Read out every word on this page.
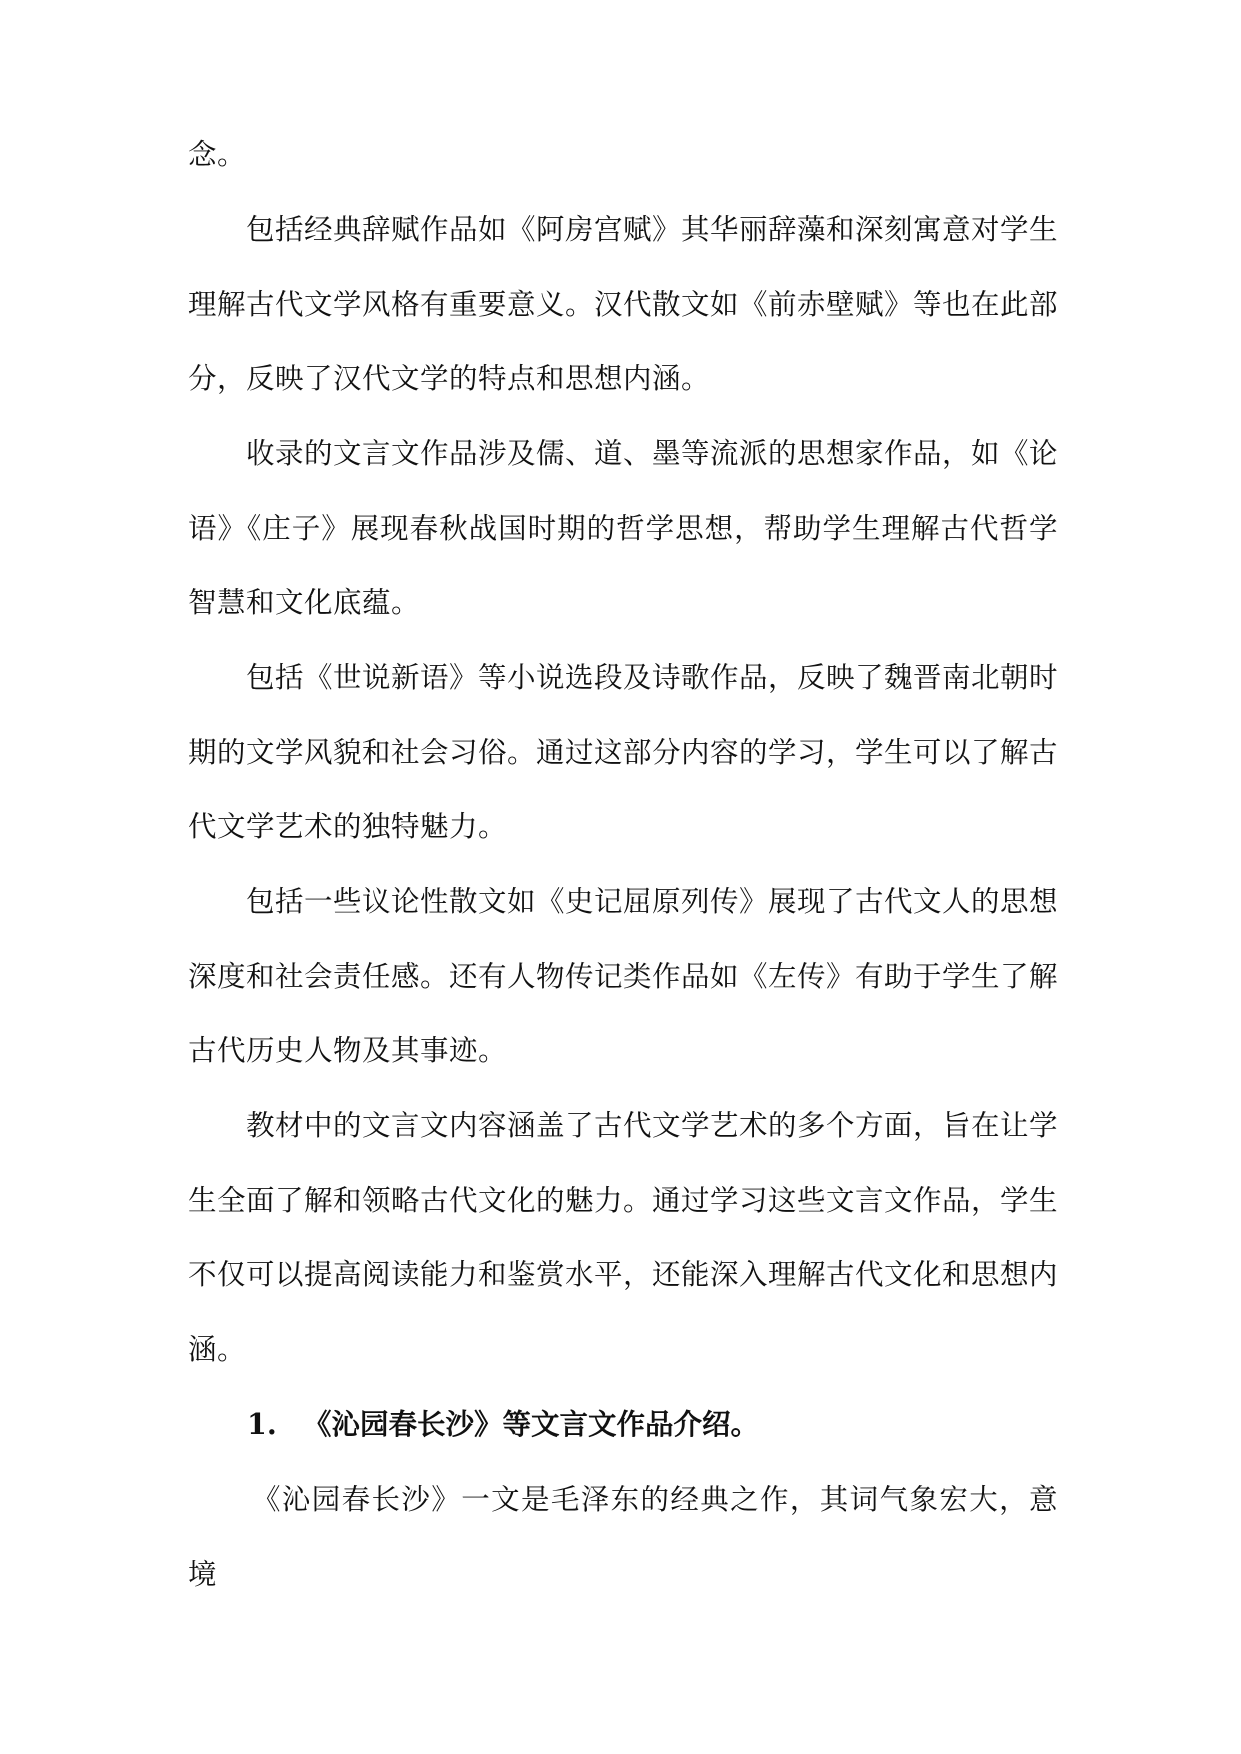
念。

包括经典辞赋作品如《阿房宫赋》其华丽辞藻和深刻寓意对学生理解古代文学风格有重要意义。汉代散文如《前赤壁赋》等也在此部分，反映了汉代文学的特点和思想内涵。

收录的文言文作品涉及儒、道、墨等流派的思想家作品，如《论语》《庄子》展现春秋战国时期的哲学思想，帮助学生理解古代哲学智慧和文化底蕴。

包括《世说新语》等小说选段及诗歌作品，反映了魏晋南北朝时期的文学风貌和社会习俗。通过这部分内容的学习，学生可以了解古代文学艺术的独特魅力。

包括一些议论性散文如《史记屈原列传》展现了古代文人的思想深度和社会责任感。还有人物传记类作品如《左传》有助于学生了解古代历史人物及其事迹。

教材中的文言文内容涵盖了古代文学艺术的多个方面，旨在让学生全面了解和领略古代文化的魅力。通过学习这些文言文作品，学生不仅可以提高阅读能力和鉴赏水平，还能深入理解古代文化和思想内涵。

1. 《沁园春长沙》等文言文作品介绍。

《沁园春长沙》一文是毛泽东的经典之作，其词气象宏大，意境
